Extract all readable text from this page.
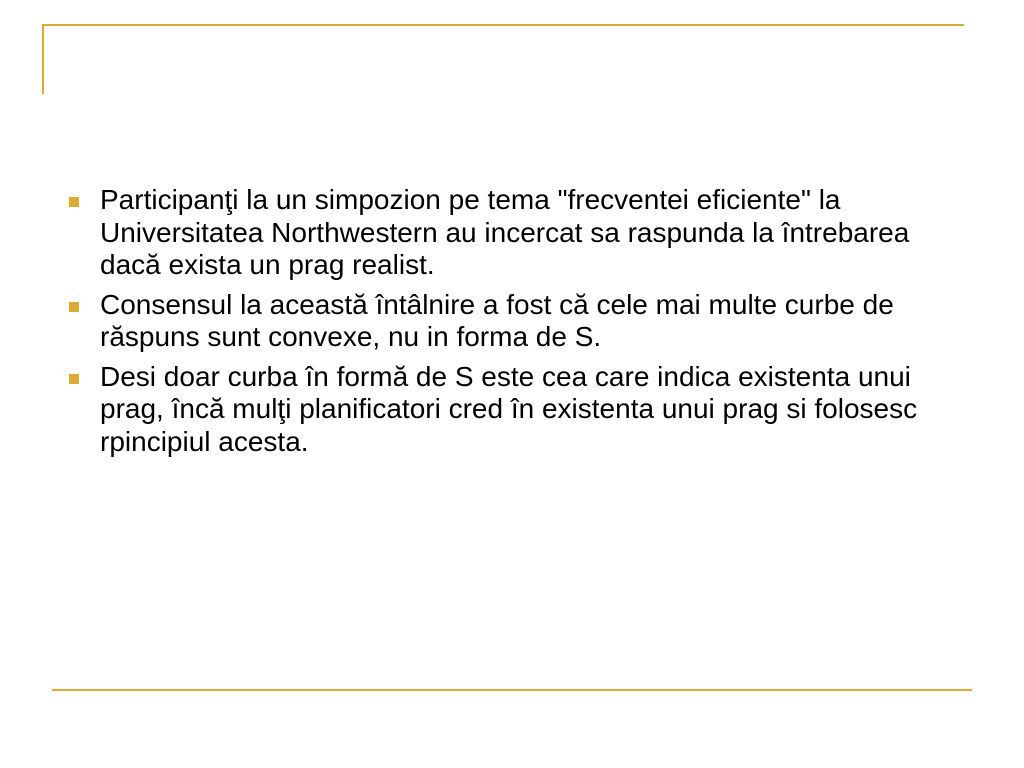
Participanţi la un simpozion pe tema "frecventei eficiente" la Universitatea Northwestern au incercat sa raspunda la întrebarea dacă exista un prag realist.
Consensul la această întâlnire a fost că cele mai multe curbe de răspuns sunt convexe, nu in forma de S.
Desi doar curba în formă de S este cea care indica existenta unui prag, încă mulţi planificatori cred în existenta unui prag si folosesc rpincipiul acesta.
